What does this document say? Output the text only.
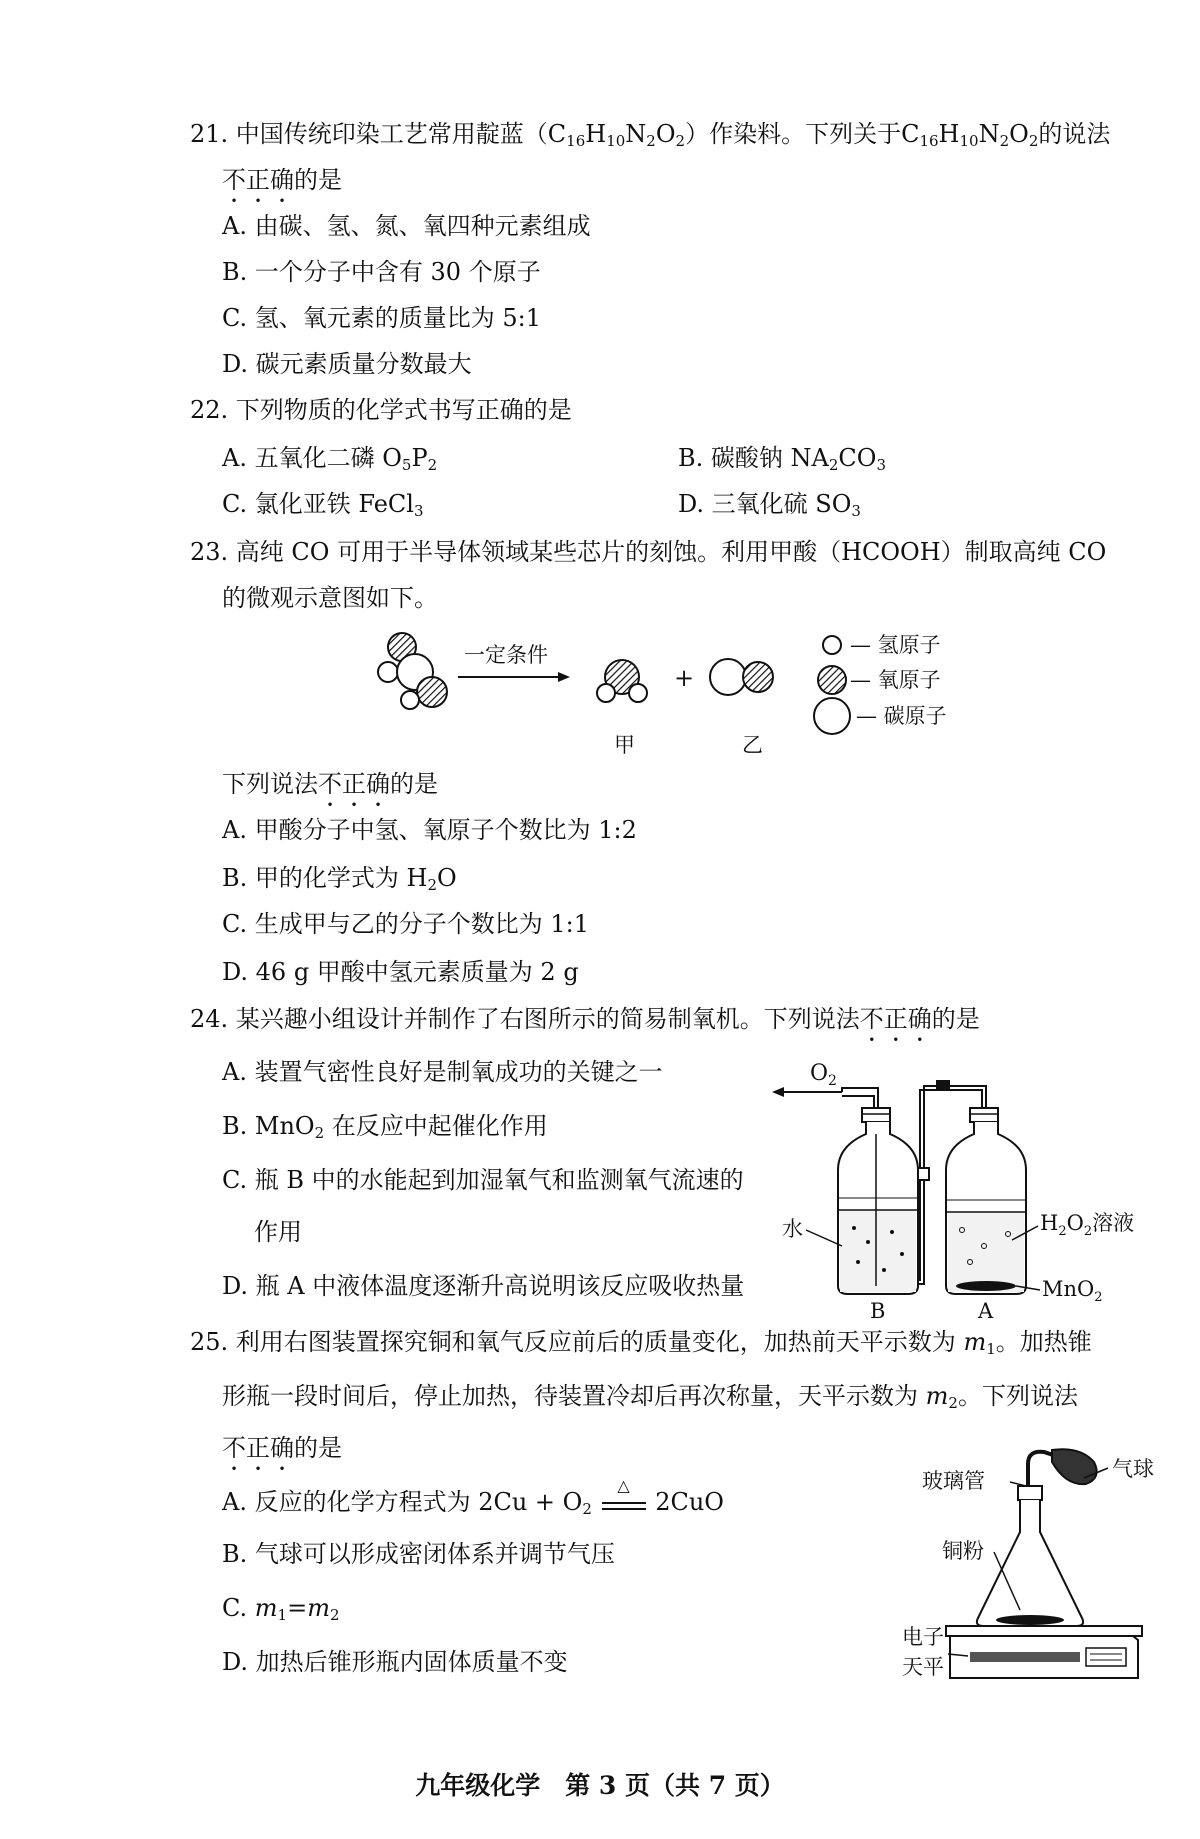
21. 中国传统印染工艺常用靛蓝$(C_{16}H_{10}N_2O_2)$作染料。下列关于$C_{16}H_{10}N_2O_2$的说法
不正确的是
A. 由碳、氢、氮、氧四种元素组成
B. 一个分子中含有 30 个原子
C. 氢、氧元素的质量比为 5:1
D. 碳元素质量分数最大
22. 下列物质的化学式书写正确的是
A. 五氧化二磷 $O_5P_2$	B. 碳酸钠 $NA_2CO_3$
C. 氯化亚铁 FeCl$_3$	D. 三氧化硫 $SO_3$
23. 高纯 CO 可用于半导体领域某些芯片的刻蚀。利用甲酸（HCOOH）制取高纯 CO
的微观示意图如下。
一定条件
甲
+
乙
— 氢原子
— 氧原子
— 碳原子
下列说法不正确的是
A. 甲酸分子中氢、氧原子个数比为 1:2
B. 甲的化学式为 $H_2O$
C. 生成甲与乙的分子个数比为 1:1
D. 46 g 甲酸中氢元素质量为 2 g
24. 某兴趣小组设计并制作了右图所示的简易制氧机。下列说法不正确的是
A. 装置气密性良好是制氧成功的关键之一
B. MnO$_2$ 在反应中起催化作用
C. 瓶 B 中的水能起到加湿氧气和监测氧气流速的
作用
D. 瓶 A 中液体温度逐渐升高说明该反应吸收热量
$O_2$
水	$H_2O_2$溶液
MnO$_2$
B	A
25. 利用右图装置探究铜和氧气反应前后的质量变化，加热前天平示数为 $m_1$。加热锥
形瓶一段时间后，停止加热，待装置冷却后再次称量，天平示数为 $m_2$。下列说法
不正确的是
A. 反应的化学方程式为 $2Cu + O_2$
△
2CuO
B. 气球可以形成密闭体系并调节气压
C. $m_1=m_2$
D. 加热后锥形瓶内固体质量不变
玻璃管	气球
铜粉
电子
天平
九年级化学　第 3 页（共 7 页）
